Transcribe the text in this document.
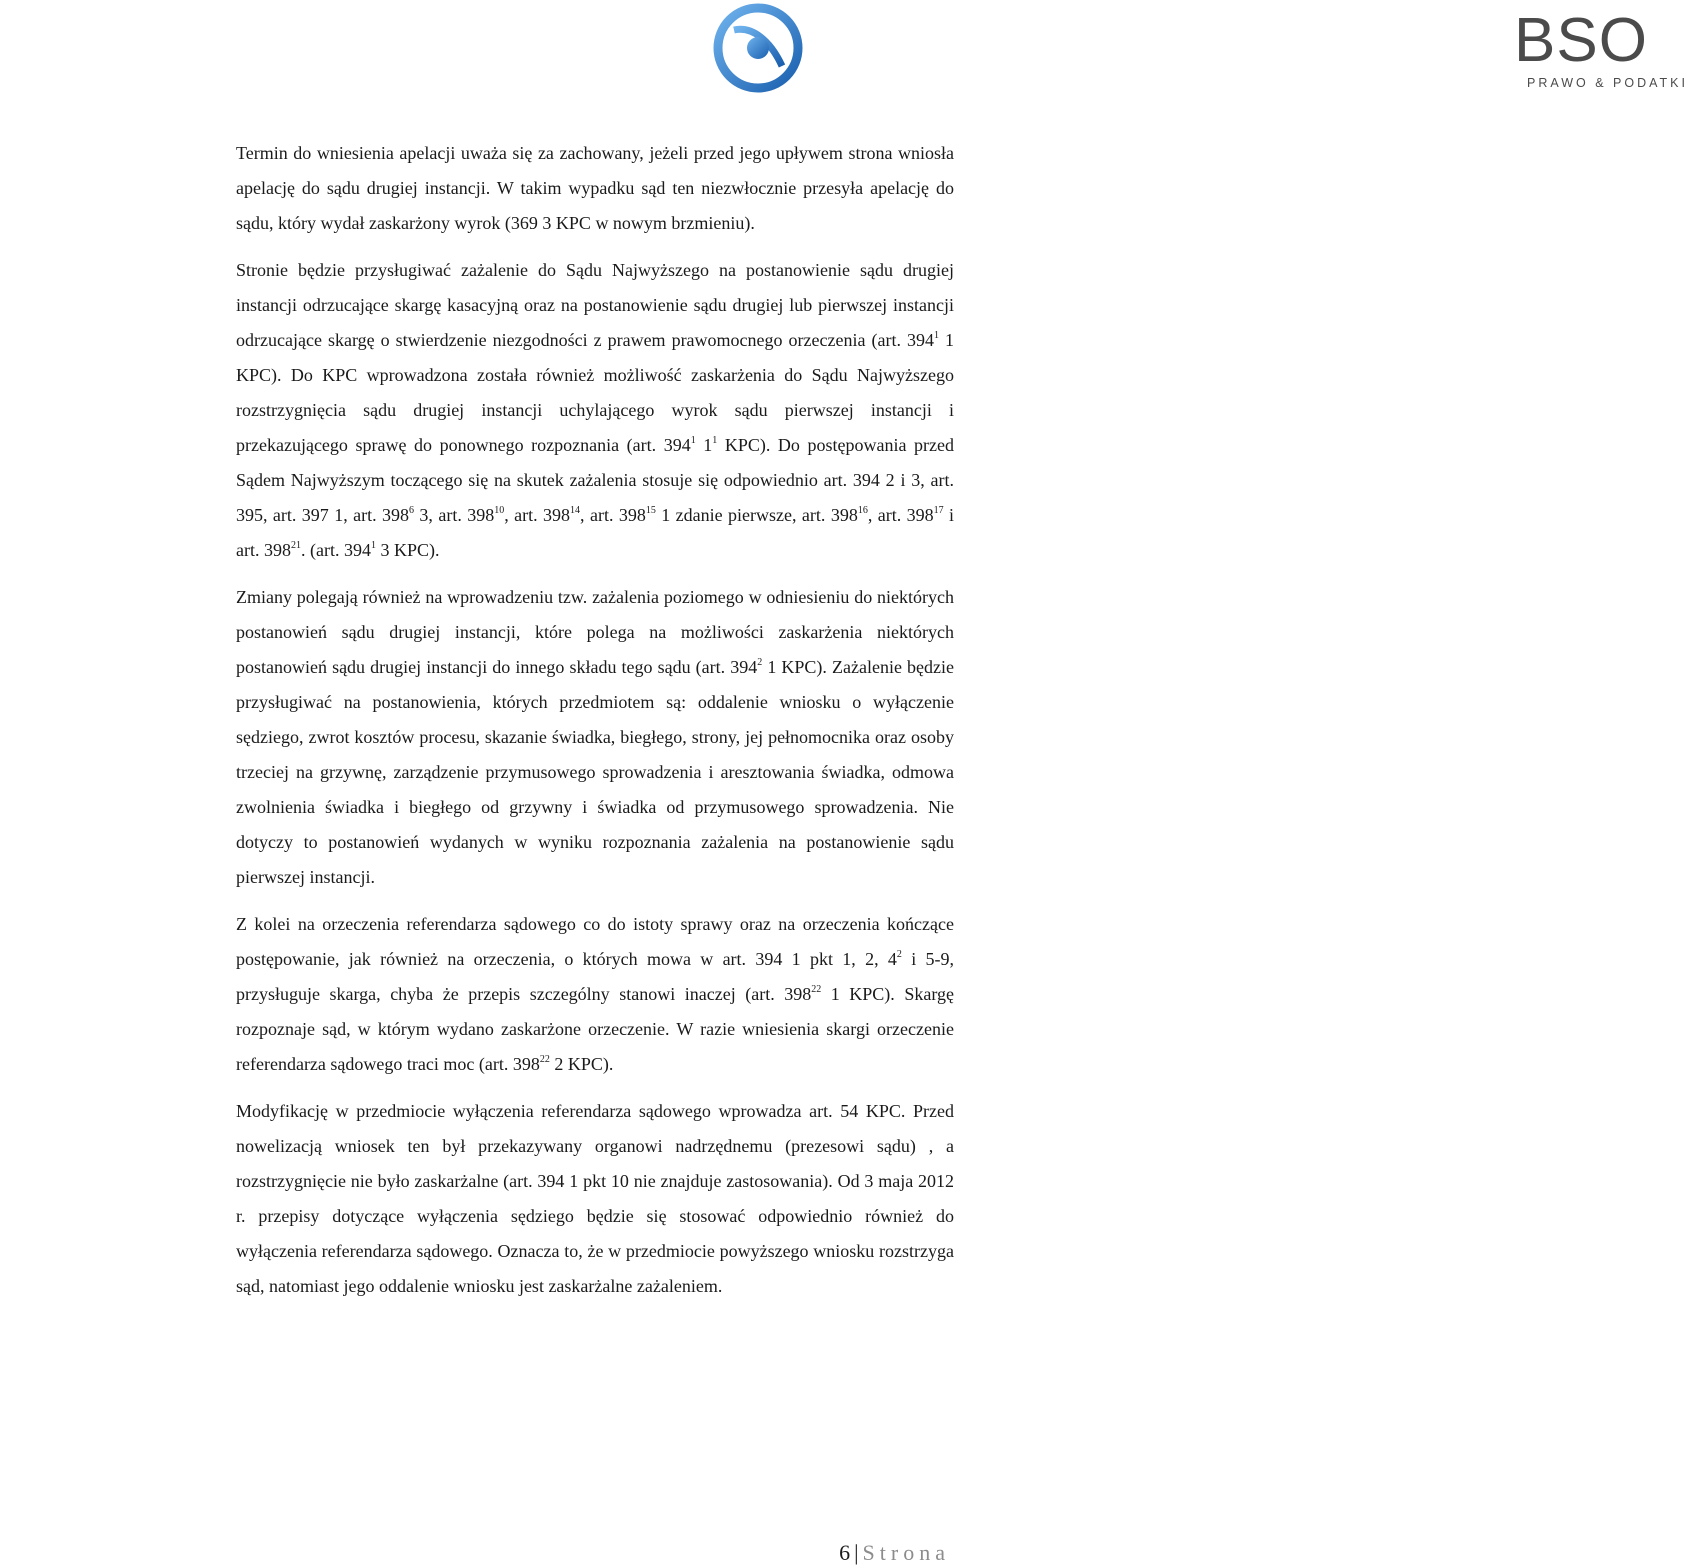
BSO
PRAWO & PODATKI

Termin do wniesienia apelacji uważa się za zachowany, jeżeli przed jego upływem strona wniosła apelację do sądu drugiej instancji. W takim wypadku sąd ten niezwłocznie przesyła apelację do sądu, który wydał zaskarżony wyrok (369 3 KPC w nowym brzmieniu).

Stronie będzie przysługiwać zażalenie do Sądu Najwyższego na postanowienie sądu drugiej instancji odrzucające skargę kasacyjną oraz na postanowienie sądu drugiej lub pierwszej instancji odrzucające skargę o stwierdzenie niezgodności z prawem prawomocnego orzeczenia (art. $394^1$ 1 KPC). Do KPC wprowadzona została również możliwość zaskarżenia do Sądu Najwyższego rozstrzygnięcia sądu drugiej instancji uchylającego wyrok sądu pierwszej instancji i przekazującego sprawę do ponownego rozpoznania (art. $394^1$ $1^1$ KPC). Do postępowania przed Sądem Najwyższym toczącego się na skutek zażalenia stosuje się odpowiednio art. 394 2 i 3, art. 395, art. 397 1, art. $398^6$ 3, art. $398^{10}$, art. $398^{14}$, art. $398^{15}$ 1 zdanie pierwsze, art. $398^{16}$, art. $398^{17}$ i art. $398^{21}$. (art. $394^1$ 3 KPC).

Zmiany polegają również na wprowadzeniu tzw. zażalenia poziomego w odniesieniu do niektórych postanowień sądu drugiej instancji, które polega na możliwości zaskarżenia niektórych postanowień sądu drugiej instancji do innego składu tego sądu (art. $394^2$ 1 KPC). Zażalenie będzie przysługiwać na postanowienia, których przedmiotem są: oddalenie wniosku o wyłączenie sędziego, zwrot kosztów procesu, skazanie świadka, biegłego, strony, jej pełnomocnika oraz osoby trzeciej na grzywnę, zarządzenie przymusowego sprowadzenia i aresztowania świadka, odmowa zwolnienia świadka i biegłego od grzywny i świadka od przymusowego sprowadzenia. Nie dotyczy to postanowień wydanych w wyniku rozpoznania zażalenia na postanowienie sądu pierwszej instancji.

Z kolei na orzeczenia referendarza sądowego co do istoty sprawy oraz na orzeczenia kończące postępowanie, jak również na orzeczenia, o których mowa w art. 394 1 pkt 1, 2, $4^2$ i 5-9, przysługuje skarga, chyba że przepis szczególny stanowi inaczej (art. $398^{22}$ 1 KPC). Skargę rozpoznaje sąd, w którym wydano zaskarżone orzeczenie. W razie wniesienia skargi orzeczenie referendarza sądowego traci moc (art. $398^{22}$ 2 KPC).

Modyfikację w przedmiocie wyłączenia referendarza sądowego wprowadza art. 54 KPC. Przed nowelizacją wniosek ten był przekazywany organowi nadrzędnemu (prezesowi sądu) , a rozstrzygnięcie nie było zaskarżalne (art. 394 1 pkt 10 nie znajduje zastosowania). Od 3 maja 2012 r. przepisy dotyczące wyłączenia sędziego będzie się stosować odpowiednio również do wyłączenia referendarza sądowego. Oznacza to, że w przedmiocie powyższego wniosku rozstrzyga sąd, natomiast jego oddalenie wniosku jest zaskarżalne zażaleniem.

6 | Strona
